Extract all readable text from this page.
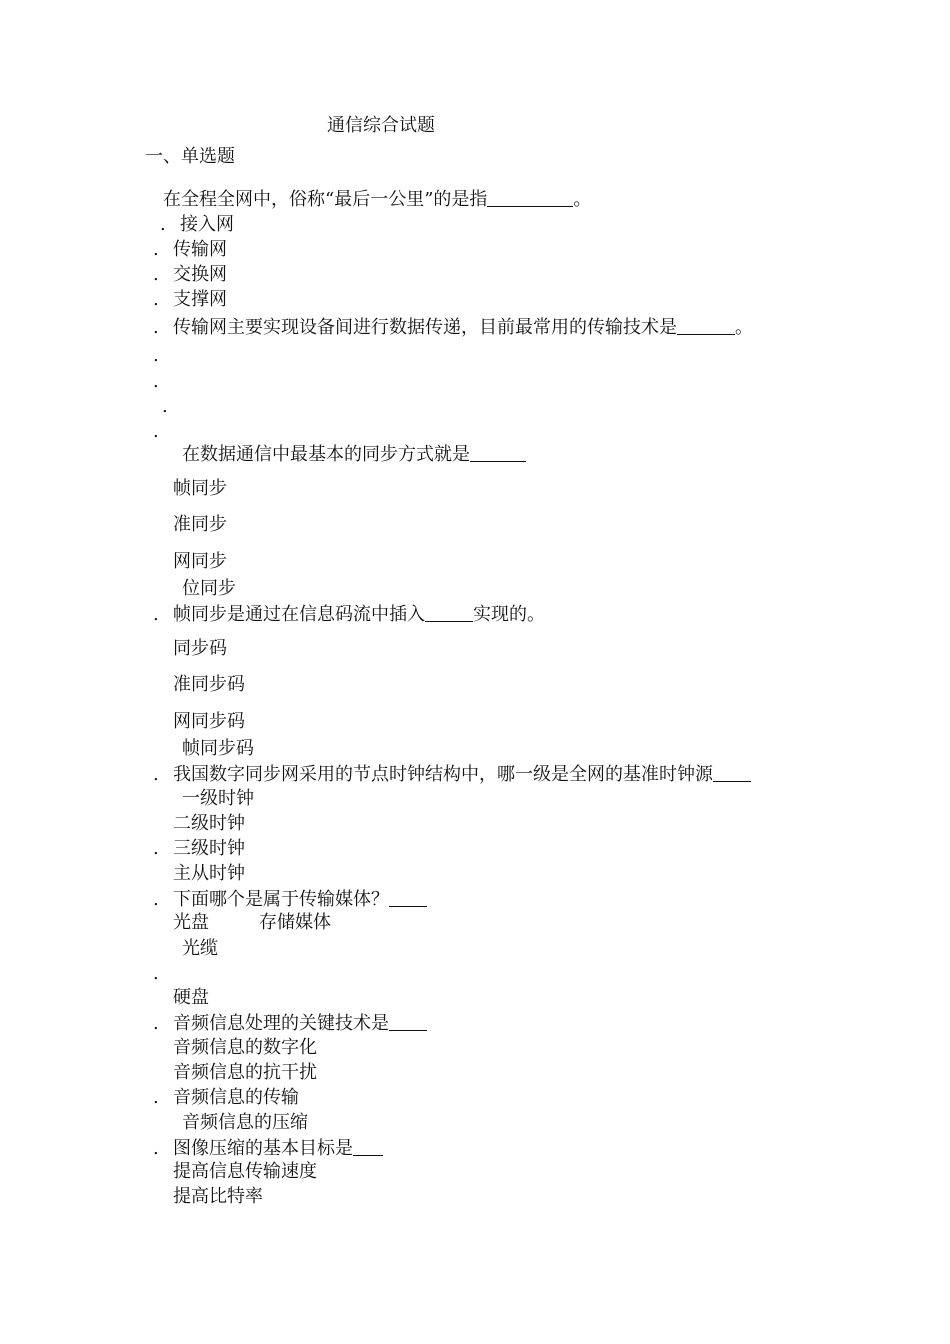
通信综合试题
一、单选题
在全程全网中，俗称“最后一公里”的是指	。
. 接入网
. 传输网
. 交换网
. 支撑网
. 传输网主要实现设备间进行数据传递，目前最常用的传输技术是	。
.
.
.
.
在数据通信中最基本的同步方式就是
帧同步
准同步
网同步
位同步
. 帧同步是通过在信息码流中插入	实现的。
同步码
准同步码
网同步码
帧同步码
. 我国数字同步网采用的节点时钟结构中，哪一级是全网的基准时钟源
一级时钟
二级时钟
. 三级时钟
主从时钟
. 下面哪个是属于传输媒体？
光盘	存储媒体
光缆
.
硬盘
. 音频信息处理的关键技术是
音频信息的数字化
音频信息的抗干扰
. 音频信息的传输
音频信息的压缩
. 图像压缩的基本目标是
提高信息传输速度
提高比特率
